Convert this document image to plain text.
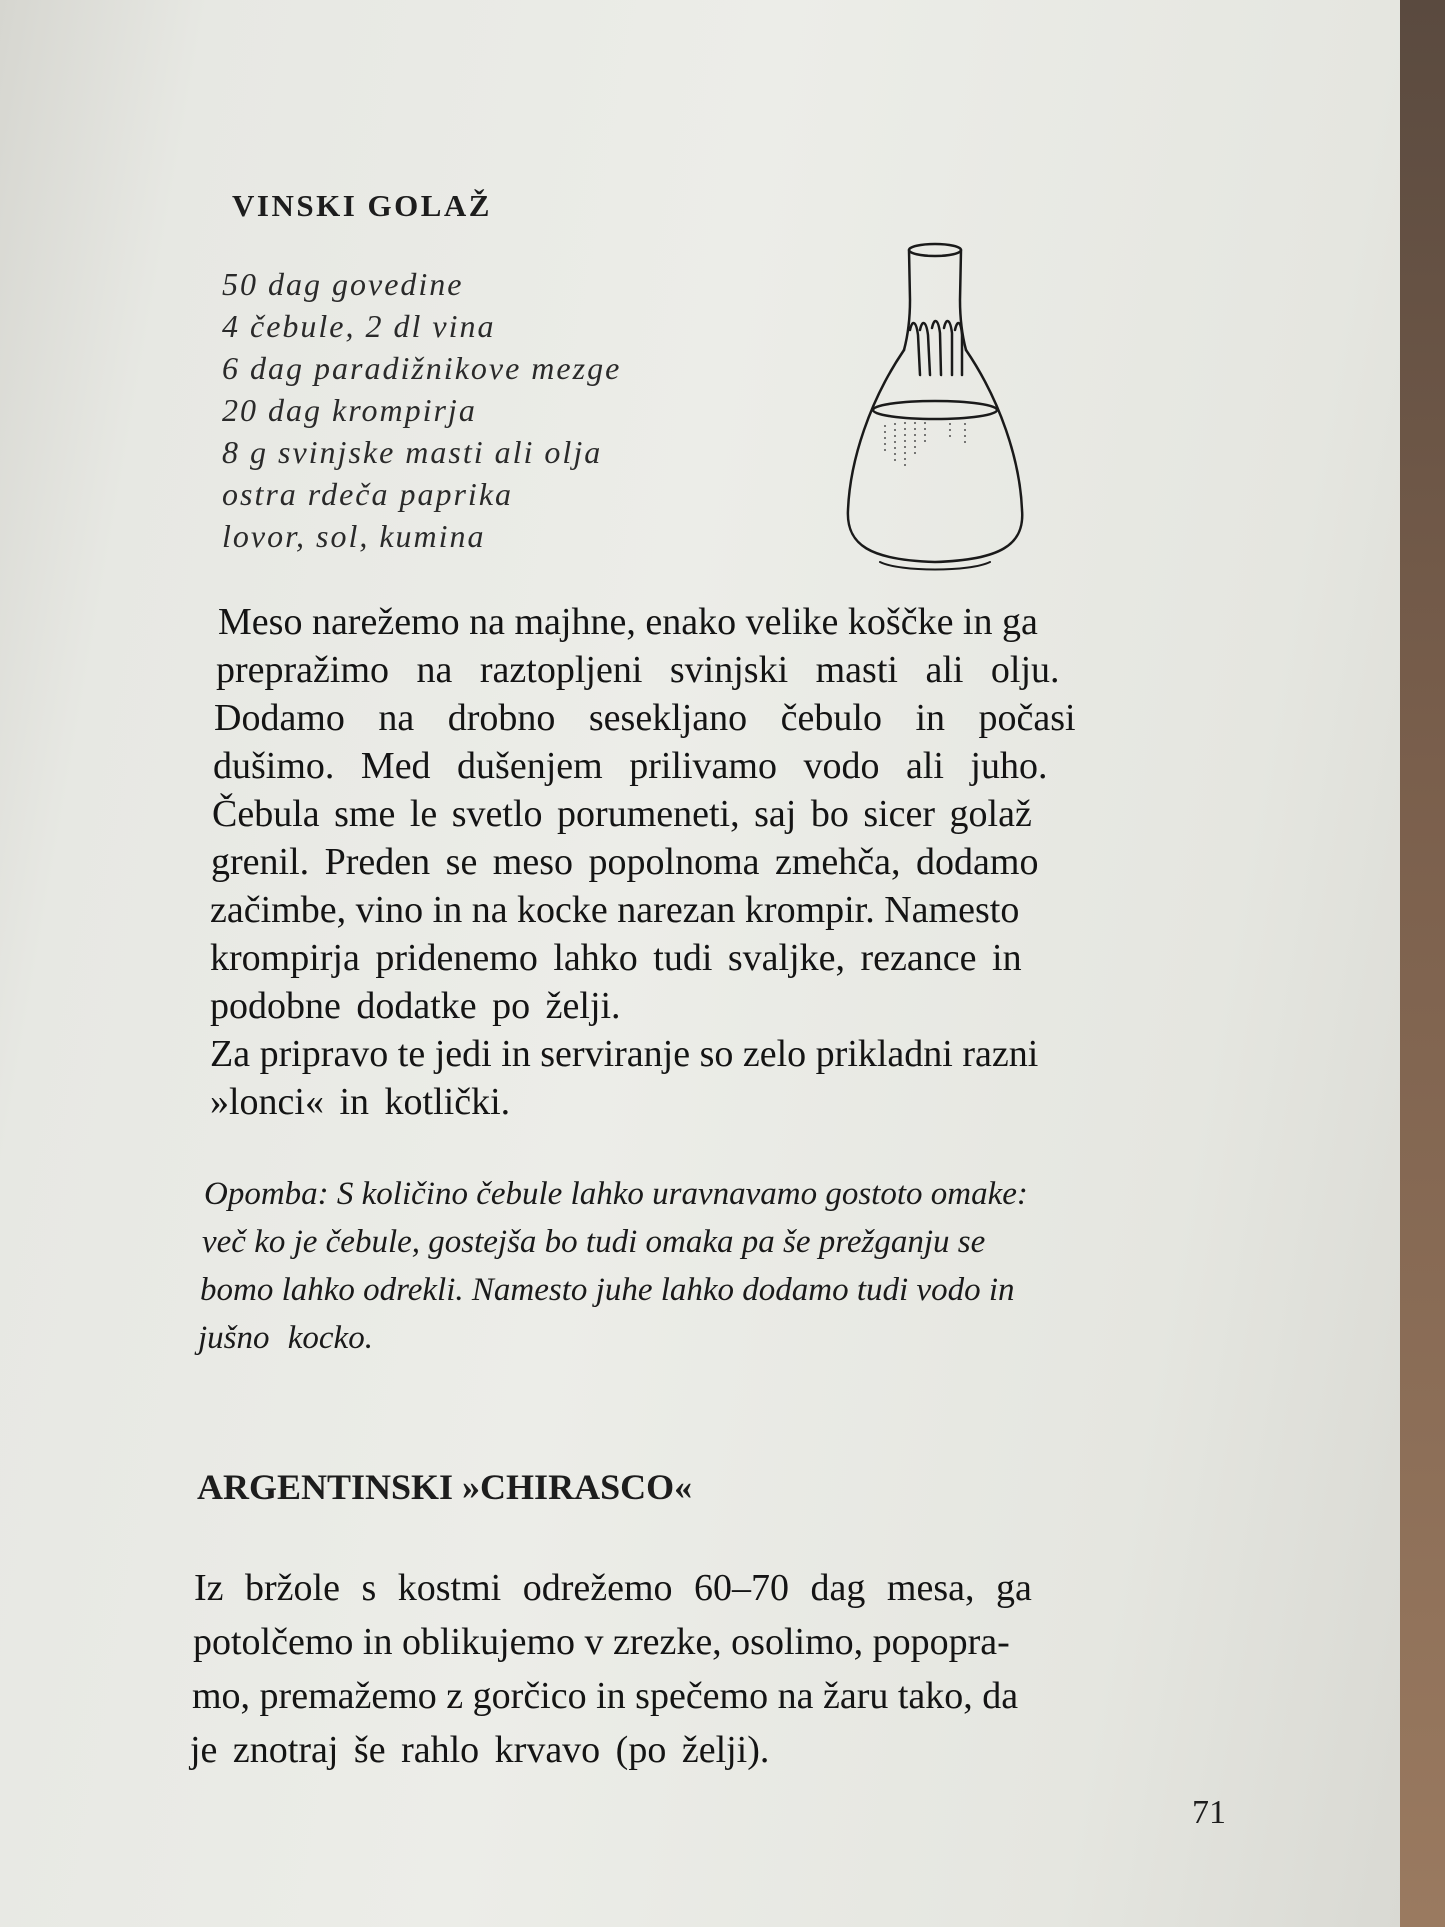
VINSKI GOLAŽ
50 dag govedine
4 čebule, 2 dl vina
6 dag paradižnikove mezge
20 dag krompirja
8 g svinjske masti ali olja
ostra rdeča paprika
lovor, sol, kumina
Meso narežemo na majhne, enako velike koščke in ga
prepražimo na raztopljeni svinjski masti ali olju.
Dodamo na drobno sesekljano čebulo in počasi
dušimo. Med dušenjem prilivamo vodo ali juho.
Čebula sme le svetlo porumeneti, saj bo sicer golaž
grenil. Preden se meso popolnoma zmehča, dodamo
začimbe, vino in na kocke narezan krompir. Namesto
krompirja pridenemo lahko tudi svaljke, rezance in
podobne dodatke po želji.
Za pripravo te jedi in serviranje so zelo prikladni razni
»lonci« in kotlički.
Opomba: S količino čebule lahko uravnavamo gostoto omake:
več ko je čebule, gostejša bo tudi omaka pa še prežganju se
bomo lahko odrekli. Namesto juhe lahko dodamo tudi vodo in
jušno kocko.
ARGENTINSKI »CHIRASCO«
Iz bržole s kostmi odrežemo 60–70 dag mesa, ga
potolčemo in oblikujemo v zrezke, osolimo, popopra-
mo, premažemo z gorčico in spečemo na žaru tako, da
je znotraj še rahlo krvavo (po želji).
71
